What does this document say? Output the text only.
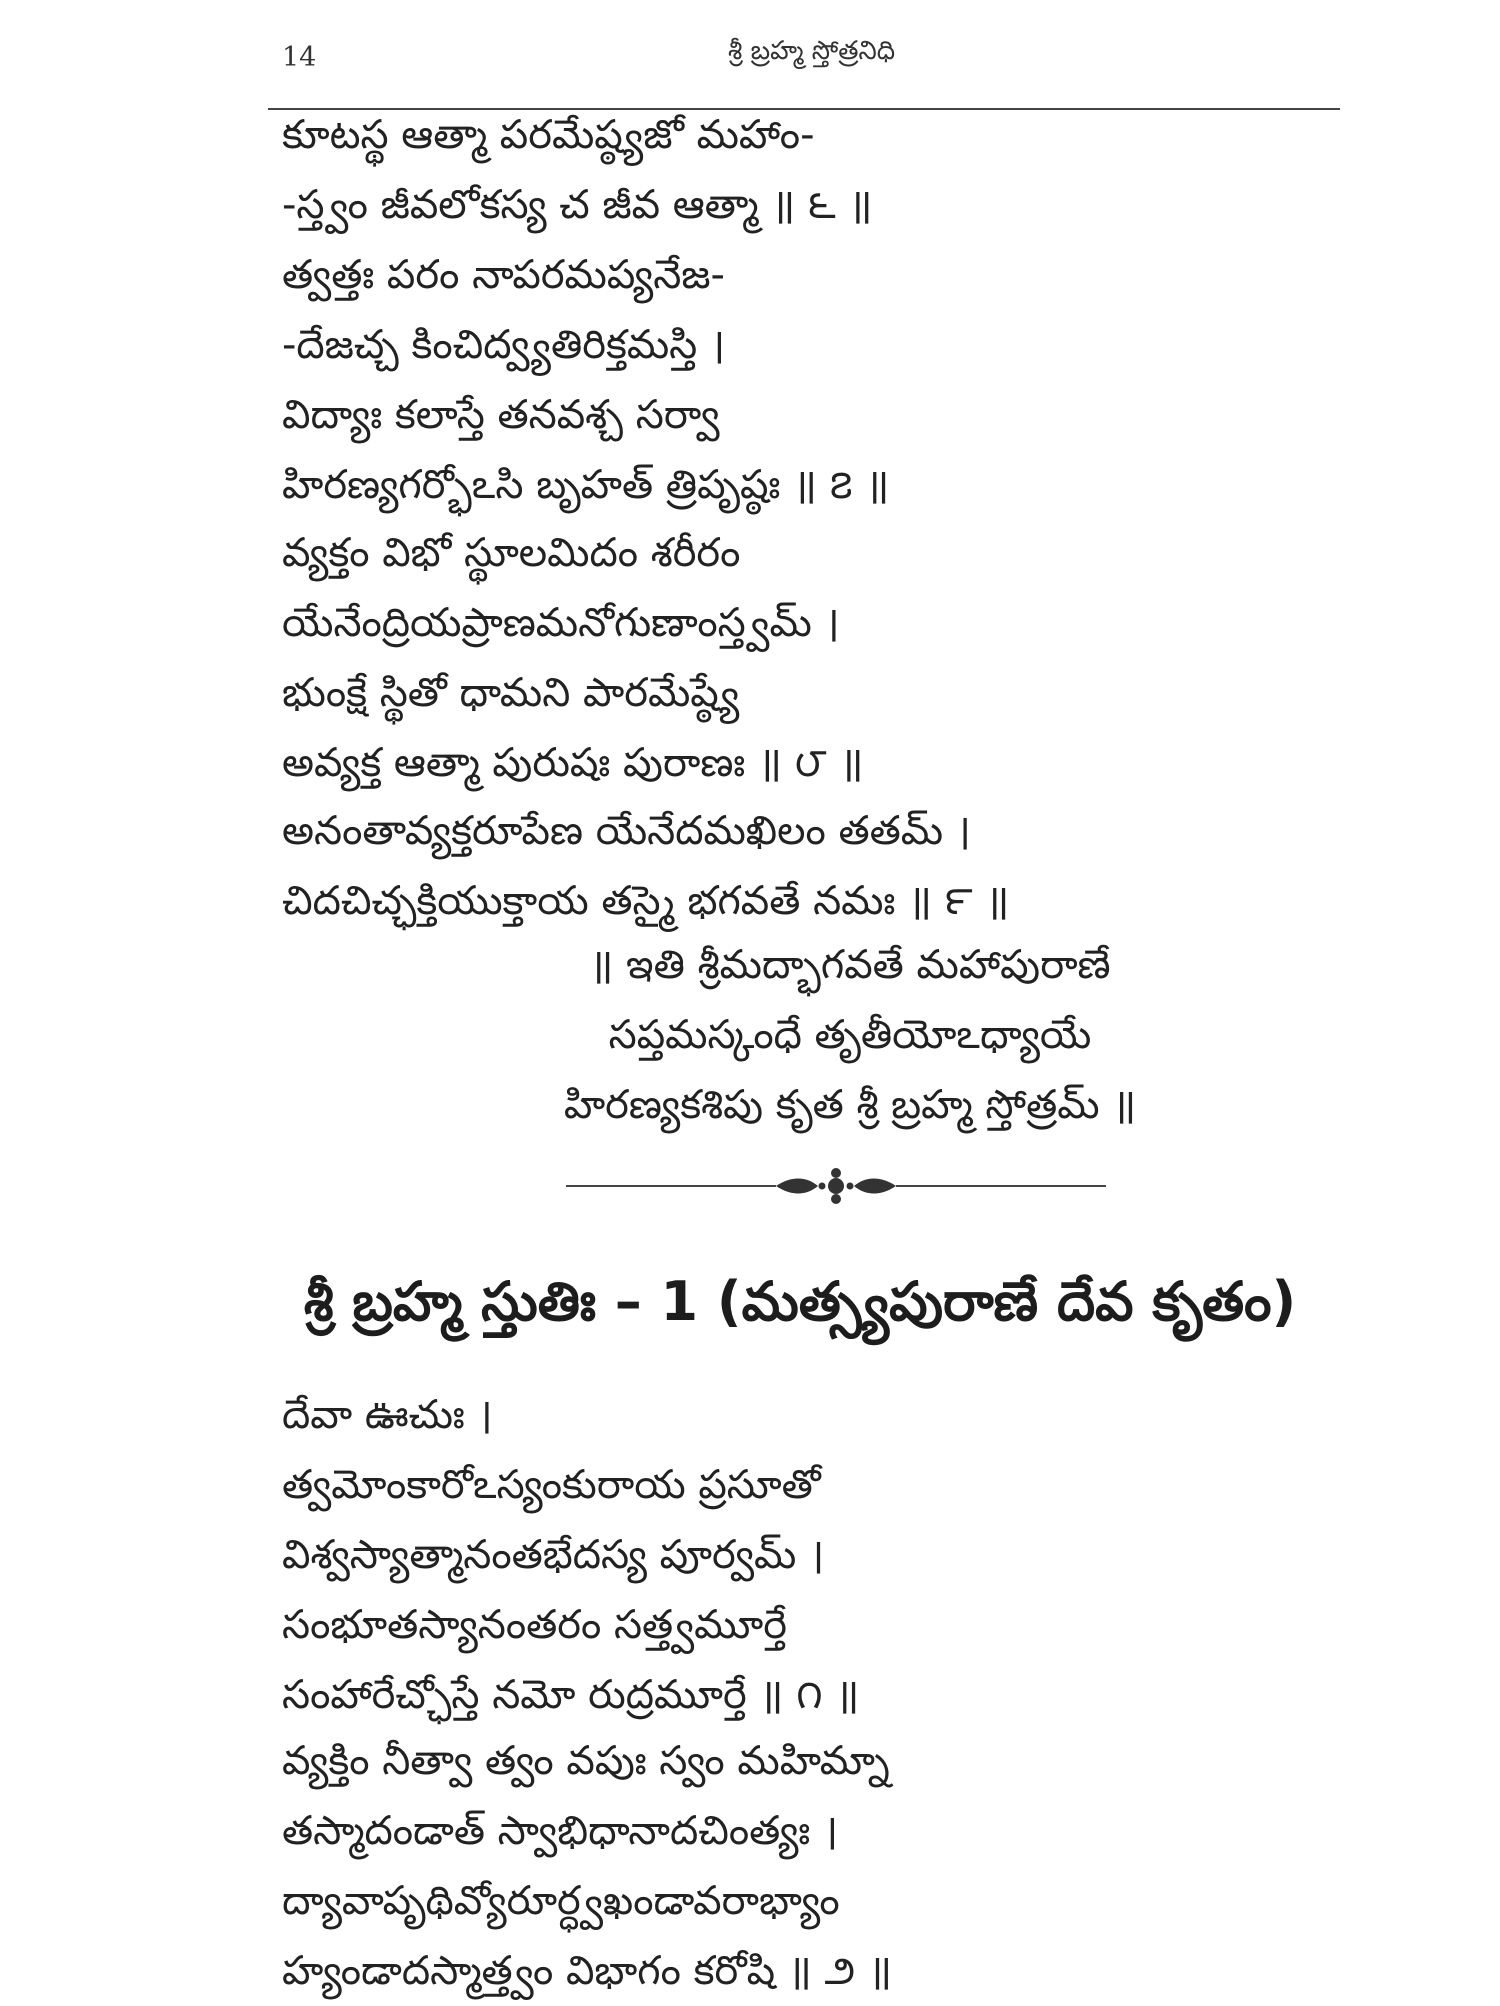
14	శ్రీ బ్రహ్మ స్తోత్రనిధి
కూటస్థ ఆత్మా పరమేష్ఠ్యజో మహాం-
-స్త్వం జీవలోకస్య చ జీవ ఆత్మా ॥ ౬ ॥
త్వత్తః పరం నాపరమప్యనేజ-
-దేజచ్చ కించిద్వ్యతిరిక్తమస్తి ।
విద్యాః కలాస్తే తనవశ్చ సర్వా
హిరణ్యగర్భోఽసి బృహత్ త్రిపృష్ఠః ॥ ౭ ॥
వ్యక్తం విభో స్థూలమిదం శరీరం
యేనేంద్రియప్రాణమనోగుణాంస్త్వమ్ ।
భుంక్షే స్థితో ధామని పారమేష్ఠ్యే
అవ్యక్త ఆత్మా పురుషః పురాణః ॥ ౮ ॥
అనంతావ్యక్తరూపేణ యేనేదమఖిలం తతమ్ ।
చిదచిచ్ఛక్తియుక్తాయ తస్మై భగవతే నమః ॥ ౯ ॥
॥ ఇతి శ్రీమద్భాగవతే మహాపురాణే
సప్తమస్కంధే తృతీయోఽధ్యాయే
హిరణ్యకశిపు కృత శ్రీ బ్రహ్మ స్తోత్రమ్ ॥
శ్రీ బ్రహ్మ స్తుతిః – 1 (మత్స్యపురాణే దేవ కృతం)
దేవా ఊచుః ।
త్వమోంకారోఽస్యంకురాయ ప్రసూతో
విశ్వస్యాత్మానంతభేదస్య పూర్వమ్ ।
సంభూతస్యానంతరం సత్త్వమూర్తే
సంహారేచ్ఛోస్తే నమో రుద్రమూర్తే ॥ ౧ ॥
వ్యక్తిం నీత్వా త్వం వపుః స్వం మహిమ్నా
తస్మాదండాత్ స్వాభిధానాదచింత్యః ।
ద్యావాపృథివ్యోరూర్ధ్వఖండావరాభ్యాం
హ్యండాదస్మాత్త్వం విభాగం కరోషి ॥ ౨ ॥
